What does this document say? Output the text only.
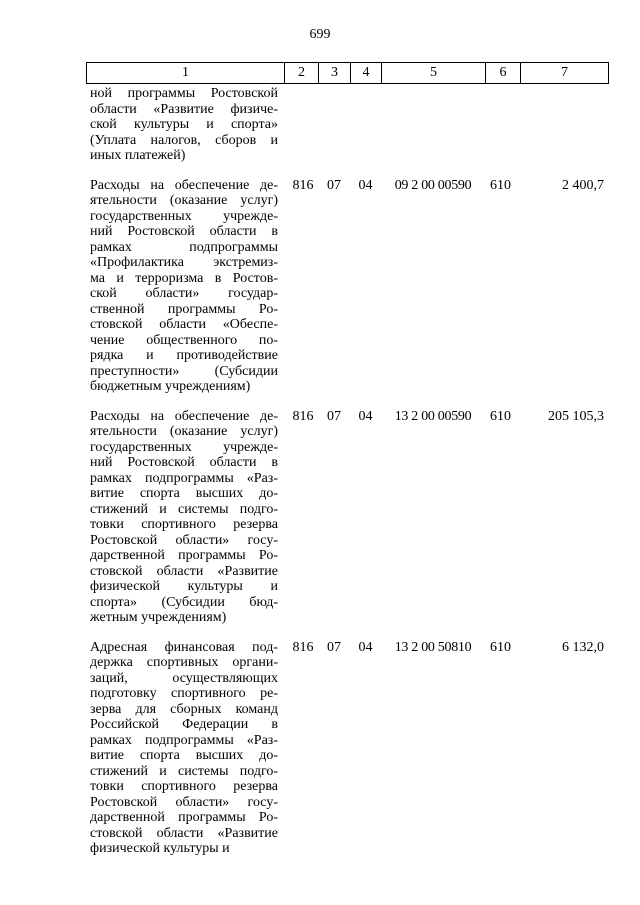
699
1	2	3	4	5	6	7

ной программы Ростовской

области «Развитие физиче-

ской культуры и спорта»

(Уплата налогов, сборов и

иных платежей)

Расходы на обеспечение де-

ятельности (оказание услуг)

государственных учрежде-

ний Ростовской области в

рамках подпрограммы

«Профилактика экстремиз-

ма и терроризма в Ростов-

ской области» государ-

ственной программы Ро-

стовской области «Обеспе-

чение общественного по-

рядка и противодействие

преступности» (Субсидии

бюджетным учреждениям)

816 07	04	09 2 00 00590	610	2 400,7

Расходы на обеспечение де-

ятельности (оказание услуг)

государственных учрежде-

ний Ростовской области в

рамках подпрограммы «Раз-

витие спорта высших до-

стижений и системы подго-

товки спортивного резерва

Ростовской области» госу-

дарственной программы Ро-

стовской области «Развитие

физической культуры и

спорта» (Субсидии бюд-

жетным учреждениям)

816 07	04	13 2 00 00590	610	205 105,3

Адресная финансовая под-

держка спортивных органи-

заций, осуществляющих

подготовку спортивного ре-

зерва для сборных команд

Российской Федерации в

рамках подпрограммы «Раз-

витие спорта высших до-

стижений и системы подго-

товки спортивного резерва

Ростовской области» госу-

дарственной программы Ро-

стовской области «Развитие

физической культуры и

816 07	04	13 2 00 50810	610	6 132,0
